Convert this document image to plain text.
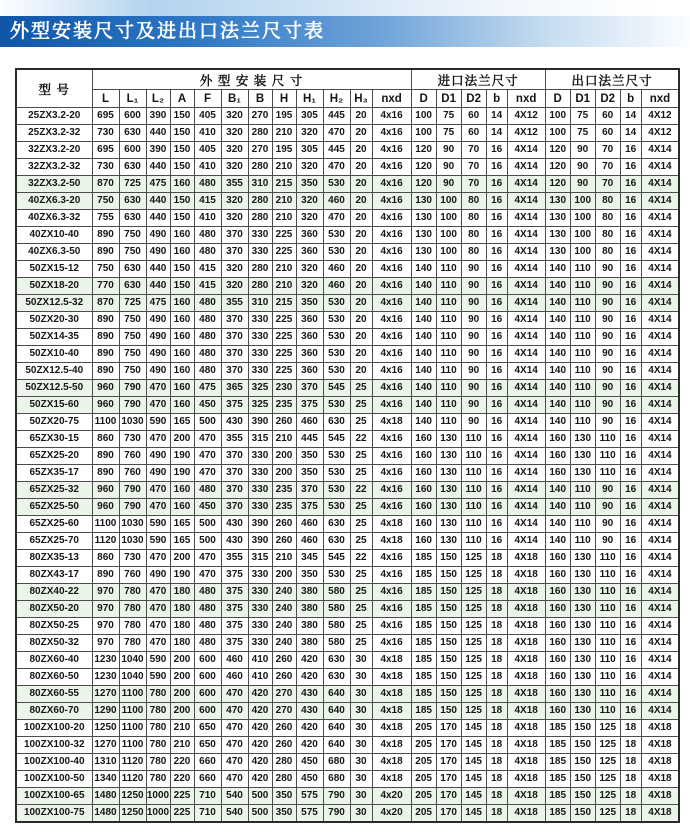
外型安装尺寸及进出口法兰尺寸表
型 号	外 型 安 装 尺 寸												进口法兰尺寸					出口法兰尺寸				
	L	L₁	L₂	A	F	B₁	B	H	H₁	H₂	H₃	nxd	D	D1	D2	b	nxd	D	D1	D2	b	nxd
25ZX3.2-20	695	600	390	150	405	320	270	195	305	445	20	4x16	100	75	60	14	4X12	100	75	60	14	4X12
25ZX3.2-32	730	630	440	150	410	320	280	210	320	470	20	4x16	100	75	60	14	4X12	100	75	60	14	4X12
32ZX3.2-20	695	600	390	150	405	320	270	195	305	445	20	4x16	120	90	70	16	4X14	120	90	70	16	4X14
32ZX3.2-32	730	630	440	150	410	320	280	210	320	470	20	4x16	120	90	70	16	4X14	120	90	70	16	4X14
32ZX3.2-50	870	725	475	160	480	355	310	215	350	530	20	4x16	120	90	70	16	4X14	120	90	70	16	4X14
40ZX6.3-20	750	630	440	150	415	320	280	210	320	460	20	4x16	130	100	80	16	4X14	130	100	80	16	4X14
40ZX6.3-32	755	630	440	150	410	320	280	210	320	470	20	4x16	130	100	80	16	4X14	130	100	80	16	4X14
40ZX10-40	890	750	490	160	480	370	330	225	360	530	20	4x16	130	100	80	16	4X14	130	100	80	16	4X14
40ZX6.3-50	890	750	490	160	480	370	330	225	360	530	20	4x16	130	100	80	16	4X14	130	100	80	16	4X14
50ZX15-12	750	630	440	150	415	320	280	210	320	460	20	4x16	140	110	90	16	4X14	140	110	90	16	4X14
50ZX18-20	770	630	440	150	415	320	280	210	320	460	20	4x16	140	110	90	16	4X14	140	110	90	16	4X14
50ZX12.5-32	870	725	475	160	480	355	310	215	350	530	20	4x16	140	110	90	16	4X14	140	110	90	16	4X14
50ZX20-30	890	750	490	160	480	370	330	225	360	530	20	4x16	140	110	90	16	4X14	140	110	90	16	4X14
50ZX14-35	890	750	490	160	480	370	330	225	360	530	20	4x16	140	110	90	16	4X14	140	110	90	16	4X14
50ZX10-40	890	750	490	160	480	370	330	225	360	530	20	4x16	140	110	90	16	4X14	140	110	90	16	4X14
50ZX12.5-40	890	750	490	160	480	370	330	225	360	530	20	4x16	140	110	90	16	4X14	140	110	90	16	4X14
50ZX12.5-50	960	790	470	160	475	365	325	230	370	545	25	4x16	140	110	90	16	4X14	140	110	90	16	4X14
50ZX15-60	960	790	470	160	450	375	325	235	375	530	25	4x16	140	110	90	16	4X14	140	110	90	16	4X14
50ZX20-75	1100	1030	590	165	500	430	390	260	460	630	25	4x18	140	110	90	16	4X14	140	110	90	16	4X14
65ZX30-15	860	730	470	200	470	355	315	210	445	545	22	4x16	160	130	110	16	4X14	160	130	110	16	4X14
65ZX25-20	890	760	490	190	470	370	330	200	350	530	25	4x16	160	130	110	16	4X14	160	130	110	16	4X14
65ZX35-17	890	760	490	190	470	370	330	200	350	530	25	4x16	160	130	110	16	4X14	160	130	110	16	4X14
65ZX25-32	960	790	470	160	480	370	330	235	370	530	22	4x16	160	130	110	16	4X14	140	110	90	16	4X14
65ZX25-50	960	790	470	160	450	370	330	235	375	530	25	4x16	160	130	110	16	4X14	140	110	90	16	4X14
65ZX25-60	1100	1030	590	165	500	430	390	260	460	630	25	4x18	160	130	110	16	4X14	140	110	90	16	4X14
65ZX25-70	1120	1030	590	165	500	430	390	260	460	630	25	4x18	160	130	110	16	4X14	140	110	90	16	4X14
80ZX35-13	860	730	470	200	470	355	315	210	345	545	22	4x16	185	150	125	18	4X18	160	130	110	16	4X14
80ZX43-17	890	760	490	190	470	375	330	200	350	530	25	4x16	185	150	125	18	4X18	160	130	110	16	4X14
80ZX40-22	970	780	470	180	480	375	330	240	380	580	25	4x16	185	150	125	18	4X18	160	130	110	16	4X14
80ZX50-20	970	780	470	180	480	375	330	240	380	580	25	4x16	185	150	125	18	4X18	160	130	110	16	4X14
80ZX50-25	970	780	470	180	480	375	330	240	380	580	25	4x16	185	150	125	18	4X18	160	130	110	16	4X14
80ZX50-32	970	780	470	180	480	375	330	240	380	580	25	4x16	185	150	125	18	4X18	160	130	110	16	4X14
80ZX60-40	1230	1040	590	200	600	460	410	260	420	630	30	4x18	185	150	125	18	4X18	160	130	110	16	4X14
80ZX60-50	1230	1040	590	200	600	460	410	260	420	630	30	4x18	185	150	125	18	4X18	160	130	110	16	4X14
80ZX60-55	1270	1100	780	200	600	470	420	270	430	640	30	4x18	185	150	125	18	4X18	160	130	110	16	4X14
80ZX60-70	1290	1100	780	200	600	470	420	270	430	640	30	4x18	185	150	125	18	4X18	160	130	110	16	4X14
100ZX100-20	1250	1100	780	210	650	470	420	260	420	640	30	4x18	205	170	145	18	4X18	185	150	125	18	4X18
100ZX100-32	1270	1100	780	210	650	470	420	260	420	640	30	4x18	205	170	145	18	4X18	185	150	125	18	4X18
100ZX100-40	1310	1120	780	220	660	470	420	280	450	680	30	4x18	205	170	145	18	4X18	185	150	125	18	4X18
100ZX100-50	1340	1120	780	220	660	470	420	280	450	680	30	4x18	205	170	145	18	4X18	185	150	125	18	4X18
100ZX100-65	1480	1250	1000	225	710	540	500	350	575	790	30	4x20	205	170	145	18	4X18	185	150	125	18	4X18
100ZX100-75	1480	1250	1000	225	710	540	500	350	575	790	30	4x20	205	170	145	18	4X18	185	150	125	18	4X18
